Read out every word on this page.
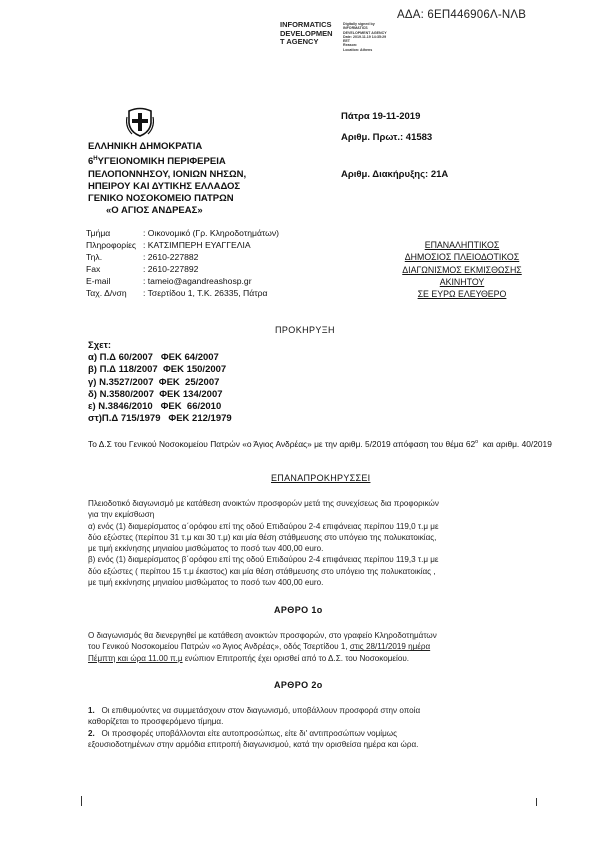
ΑΔΑ: 6ΕΠ446906Λ-ΝΛΒ
INFORMATICS
DEVELOPMEN
T AGENCY
Digitally signed by
INFORMATICS
DEVELOPMENT AGENCY
Date: 2019.11.19 14:35:29
EET
Reason:
Location: Athens
ΕΛΛΗΝΙΚΗ ΔΗΜΟΚΡΑΤΙΑ
$6^H\Upsilon\Gamma EIONOMIKH$ ΠΕΡΙΦΕΡΕΙΑ
ΠΕΛΟΠΟΝΝΗΣΟΥ, ΙΟΝΙΩΝ ΝΗΣΩΝ,
ΗΠΕΙΡΟΥ ΚΑΙ ΔΥΤΙΚΗΣ ΕΛΛΑΔΟΣ
ΓΕΝΙΚΟ ΝΟΣΟΚΟΜΕΙΟ ΠΑΤΡΩΝ
«Ο ΑΓΙΟΣ ΑΝΔΡΕΑΣ»
Πάτρα 19-11-2019
Αριθμ. Πρωτ.: 41583
Αριθμ. Διακήρυξης: 21Α
Τμήμα	: Οικονομικό (Γρ. Κληροδοτημάτων)
Πληροφορίες	: ΚΑΤΣΙΜΠΕΡΗ ΕΥΑΓΓΕΛΙΑ
Τηλ.	: 2610-227882
Fax	: 2610-227892
E-mail	: tameio@agandreashosp.gr
Ταχ. Δ/νση	: Τσερτίδου 1, Τ.Κ. 26335, Πάτρα
ΕΠΑΝΑΛΗΠΤΙΚΟΣ
ΔΗΜΟΣΙΟΣ ΠΛΕΙΟΔΟΤΙΚΟΣ
ΔΙΑΓΩΝΙΣΜΟΣ ΕΚΜΙΣΘΩΣΗΣ
ΑΚΙΝΗΤΟΥ
ΣΕ ΕΥΡΩ ΕΛΕΥΘΕΡΟ
ΠΡΟΚΗΡΥΞΗ
Σχετ:
α) Π.Δ 60/2007   ΦΕΚ 64/2007
β) Π.Δ 118/2007  ΦΕΚ 150/2007
γ) Ν.3527/2007  ΦΕΚ  25/2007
δ) Ν.3580/2007  ΦΕΚ 134/2007
ε) Ν.3846/2010   ΦΕΚ  66/2010
στ)Π.Δ 715/1979   ΦΕΚ 212/1979
Το Δ.Σ του Γενικού Νοσοκομείου Πατρών «ο Άγιος Ανδρέας» με την αριθμ. 5/2019 απόφαση του θέμα $62^o$  και αριθμ. 40/2019
ΕΠΑΝΑΠΡΟΚΗΡΥΣΣΕΙ
Πλειοδοτικό διαγωνισμό με κατάθεση ανοικτών προσφορών μετά της συνεχίσεως δια προφορικών
για την εκμίσθωση
α) ενός (1) διαμερίσματος α΄ορόφου επί της οδού Επιδαύρου 2-4 επιφάνειας περίπου 119,0 τ.μ με
δύο εξώστες (περίπου 31 τ.μ και 30 τ.μ) και μία θέση στάθμευσης στο υπόγειο της πολυκατοικίας,
με τιμή εκκίνησης μηνιαίου μισθώματος το ποσό των 400,00 euro.
β) ενός (1) διαμερίσματος β΄ορόφου επί της οδού Επιδαύρου 2-4 επιφάνειας περίπου 119,3 τ.μ με
δύο εξώστες ( περίπου 15 τ.μ έκαστος) και μία θέση στάθμευσης στο υπόγειο της πολυκατοικίας ,
με τιμή εκκίνησης μηνιαίου μισθώματος το ποσό των 400,00 euro.
ΑΡΘΡΟ 1ο
Ο διαγωνισμός θα διενεργηθεί με κατάθεση ανοικτών προσφορών, στο γραφείο Κληροδοτημάτων
του Γενικού Νοσοκομείου Πατρών «ο Άγιος Ανδρέας», οδός Τσερτίδου 1, στις 28/11/2019 ημέρα
Πέμπτη και ώρα 11.00 π.μ ενώπιον Επιτροπής έχει ορισθεί από το Δ.Σ. του Νοσοκομείου.
ΑΡΘΡΟ 2ο
1.   Οι επιθυμούντες να συμμετάσχουν στον διαγωνισμό, υποβάλλουν προσφορά στην οποία
καθορίζεται το προσφερόμενο τίμημα.
2.   Οι προσφορές υποβάλλονται είτε αυτοπροσώπως, είτε δι' αντιπροσώπων νομίμως
εξουσιοδοτημένων στην αρμόδια επιτροπή διαγωνισμού, κατά την ορισθείσα ημέρα και ώρα.
